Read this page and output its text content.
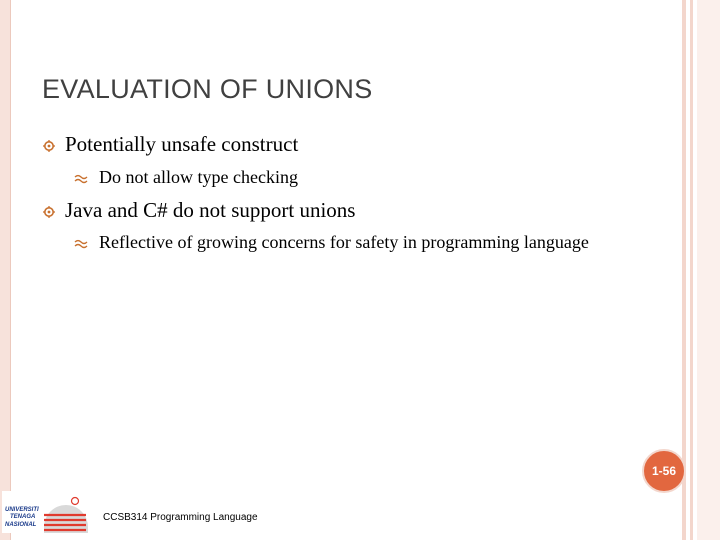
EVALUATION OF UNIONS
Potentially unsafe construct
Do not allow type checking
Java and C# do not support unions
Reflective of growing concerns for safety in programming language
1-56
UNIVERSITI
TENAGA
NASIONAL
CCSB314 Programming Language
